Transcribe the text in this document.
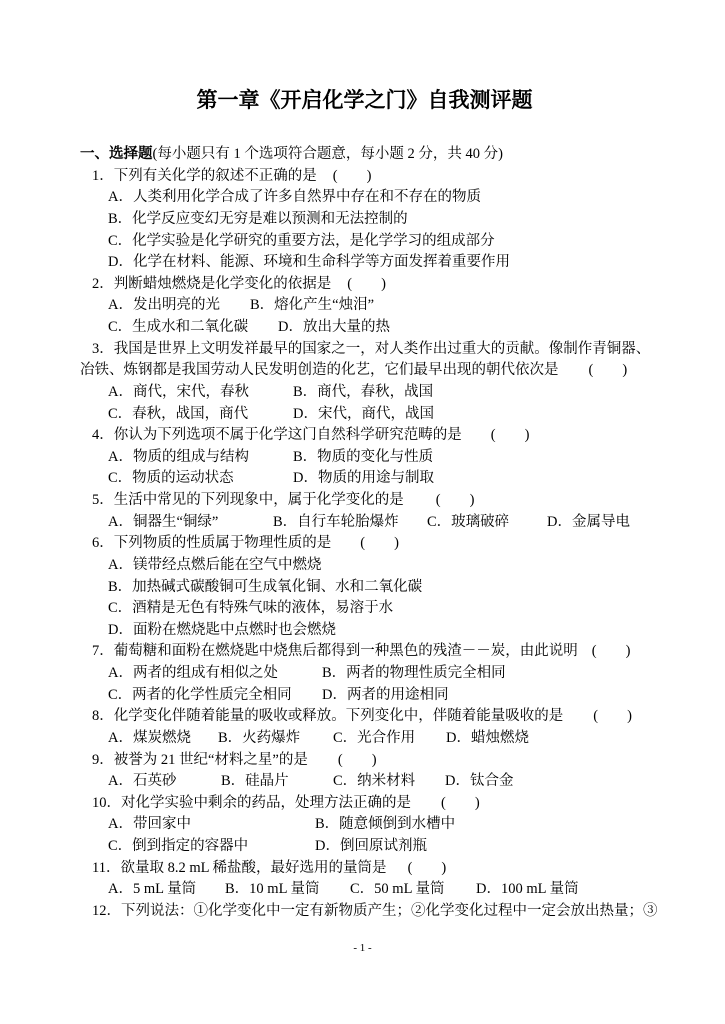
第一章《开启化学之门》自我测评题
一、选择题(每小题只有 1 个选项符合题意，每小题 2 分，共 40 分)
1．下列有关化学的叙述不正确的是 (        )
A．人类利用化学合成了许多自然界中存在和不存在的物质
B．化学反应变幻无穷是难以预测和无法控制的
C．化学实验是化学研究的重要方法，是化学学习的组成部分
D．化学在材料、能源、环境和生命科学等方面发挥着重要作用
2．判断蜡烛燃烧是化学变化的依据是 (        )
A．发出明亮的光 B．熔化产生“烛泪”
C．生成水和二氧化碳 D．放出大量的热
3．我国是世界上文明发祥最早的国家之一，对人类作出过重大的贡献。像制作青铜器、
冶铁、炼钢都是我国劳动人民发明创造的化艺，它们最早出现的朝代依次是 (        )
A．商代，宋代，春秋	B．商代，春秋，战国
C．春秋，战国，商代	D．宋代，商代，战国
4．你认为下列选项不属于化学这门自然科学研究范畴的是 (        )
A．物质的组成与结构	B．物质的变化与性质
C．物质的运动状态	D．物质的用途与制取
5．生活中常见的下列现象中，属于化学变化的是 (        )
A．铜器生“铜绿”	B．自行车轮胎爆炸 C．玻璃破碎	D．金属导电
6．下列物质的性质属于物理性质的是 (        )
A．镁带经点燃后能在空气中燃烧
B．加热碱式碳酸铜可生成氧化铜、水和二氧化碳
C．酒精是无色有特殊气味的液体，易溶于水
D．面粉在燃烧匙中点燃时也会燃烧
7．葡萄糖和面粉在燃烧匙中烧焦后都得到一种黑色的残渣－－炭，由此说明 (        )
A．两者的组成有相似之处	B．两者的物理性质完全相同
C．两者的化学性质完全相同 D．两者的用途相同
8．化学变化伴随着能量的吸收或释放。下列变化中，伴随着能量吸收的是 (        )
A．煤炭燃烧 B．火药爆炸 C．光合作用 D．蜡烛燃烧
9．被誉为 21 世纪“材料之星”的是 (        )
A．石英砂	B．硅晶片	C．纳米材料 D．钛合金
10．对化学实验中剩余的药品，处理方法正确的是 (        )
A．带回家中	B．随意倾倒到水槽中
C．倒到指定的容器中	D．倒回原试剂瓶
11．欲量取 8.2 mL 稀盐酸，最好选用的量筒是 (        )
A．5 mL 量筒 B．10 mL 量筒 C．50 mL 量筒 D．100 mL 量筒
12．下列说法：①化学变化中一定有新物质产生；②化学变化过程中一定会放出热量；③
- 1 -
